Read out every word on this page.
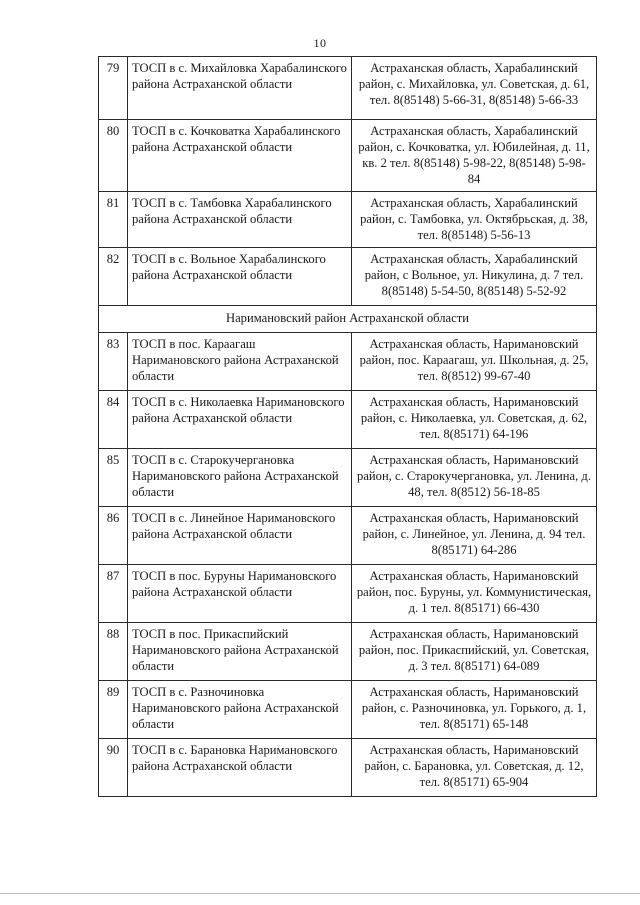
10
79	ТОСП в с. Михайловка Харабалинского района Астраханской области	Астраханская область, Харабалинский район, с. Михайловка, ул. Советская, д. 61, тел. 8(85148) 5-66-31, 8(85148) 5-66-33
80	ТОСП в с. Кочковатка Харабалинского района Астраханской области	Астраханская область, Харабалинский район, с. Кочковатка, ул. Юбилейная, д. 11, кв. 2 тел. 8(85148) 5-98-22, 8(85148) 5-98-84
81	ТОСП в с. Тамбовка Харабалинского района Астраханской области	Астраханская область, Харабалинский район, с. Тамбовка, ул. Октябрьская, д. 38, тел. 8(85148) 5-56-13
82	ТОСП в с. Вольное Харабалинского района Астраханской области	Астраханская область, Харабалинский район, с Вольное, ул. Никулина, д. 7 тел. 8(85148) 5-54-50, 8(85148) 5-52-92
Наримановский район Астраханской области		
83	ТОСП в пос. Караагаш Наримановского района Астраханской области	Астраханская область, Наримановский район, пос. Караагаш, ул. Школьная, д. 25, тел. 8(8512) 99-67-40
84	ТОСП в с. Николаевка Наримановского района Астраханской области	Астраханская область, Наримановский район, с. Николаевка, ул. Советская, д. 62, тел. 8(85171) 64-196
85	ТОСП в с. Старокучергановка Наримановского района Астраханской области	Астраханская область, Наримановский район, с. Старокучергановка, ул. Ленина, д. 48, тел. 8(8512) 56-18-85
86	ТОСП в с. Линейное Наримановского района Астраханской области	Астраханская область, Наримановский район, с. Линейное, ул. Ленина, д. 94 тел. 8(85171) 64-286
87	ТОСП в пос. Буруны Наримановского района Астраханской области	Астраханская область, Наримановский район, пос. Буруны, ул. Коммунистическая, д. 1 тел. 8(85171) 66-430
88	ТОСП в пос. Прикаспийский Наримановского района Астраханской области	Астраханская область, Наримановский район, пос. Прикаспийский, ул. Советская, д. 3 тел. 8(85171) 64-089
89	ТОСП в с. Разночиновка Наримановского района Астраханской области	Астраханская область, Наримановский район, с. Разночиновка, ул. Горького, д. 1, тел. 8(85171) 65-148
90	ТОСП в с. Барановка Наримановского района Астраханской области	Астраханская область, Наримановский район, с. Барановка, ул. Советская, д. 12, тел. 8(85171) 65-904
